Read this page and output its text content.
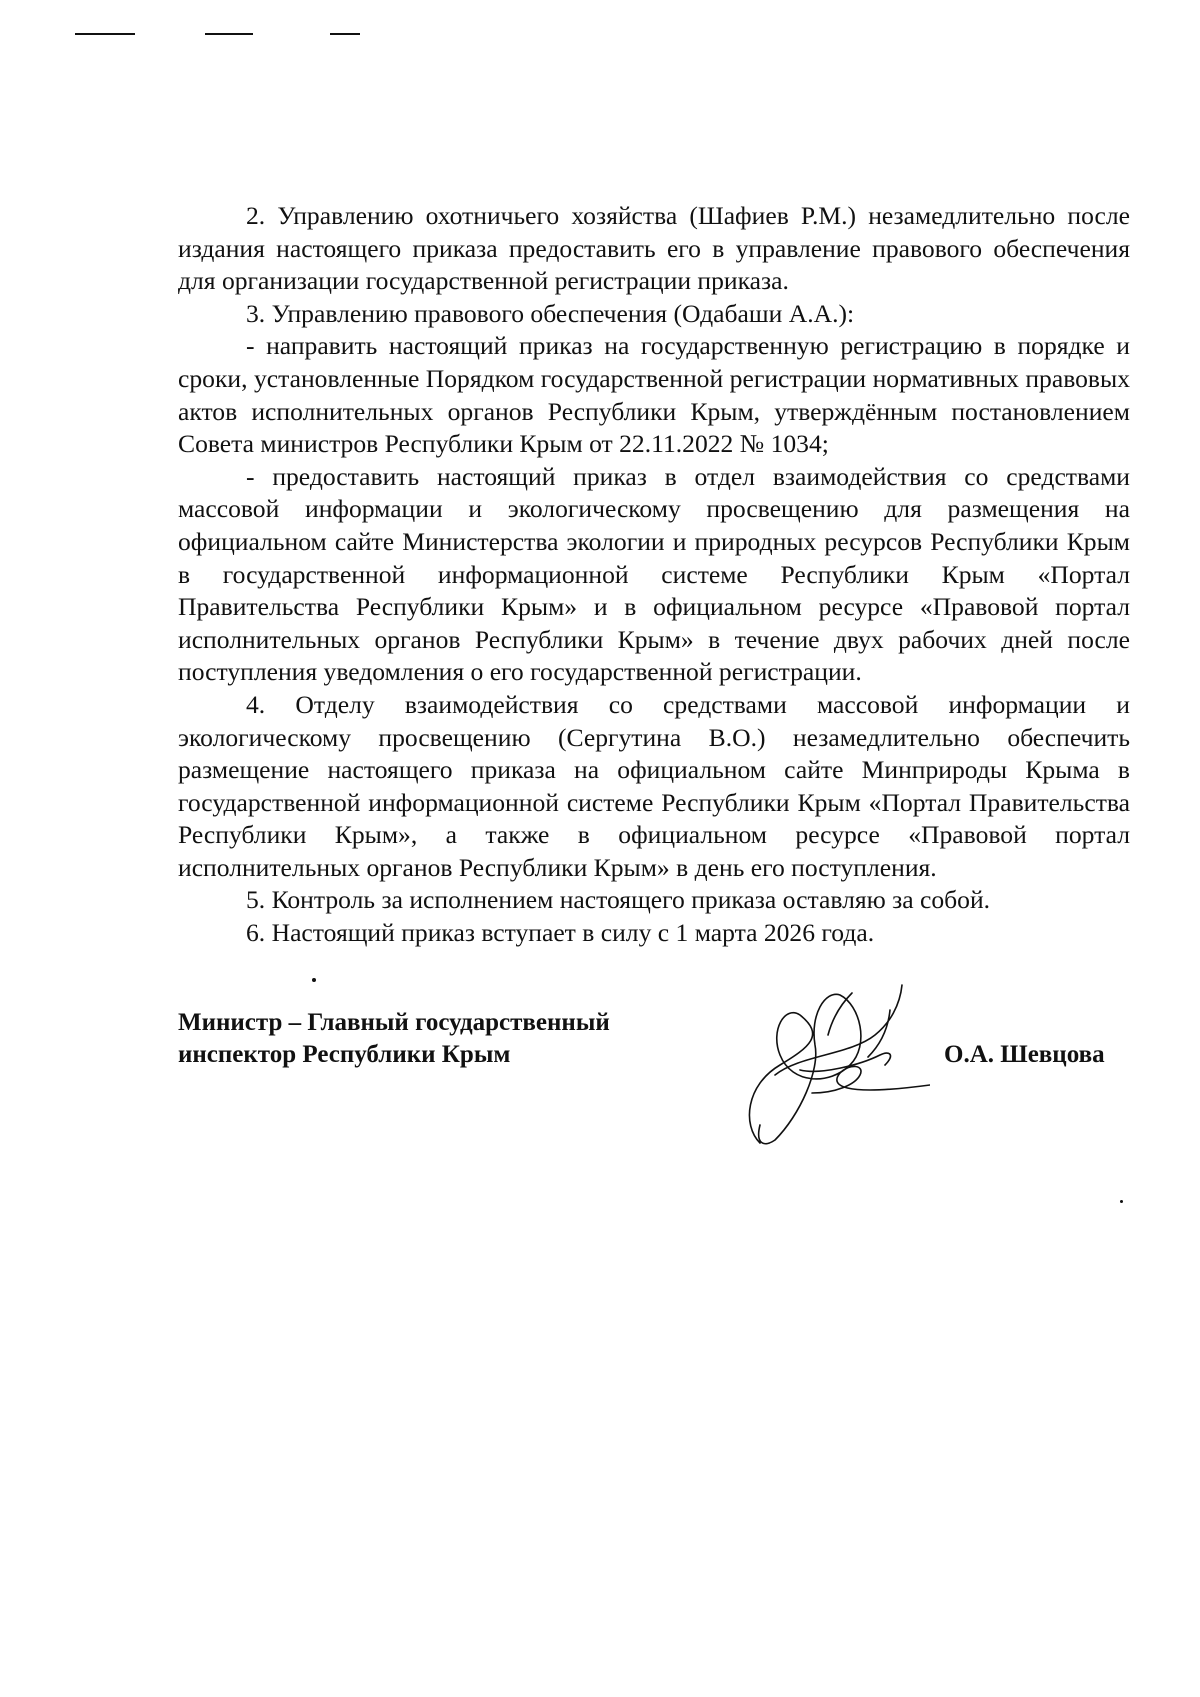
2. Управлению охотничьего хозяйства (Шафиев Р.М.) незамедлительно после издания настоящего приказа предоставить его в управление правового обеспечения для организации государственной регистрации приказа.

3. Управлению правового обеспечения (Одабаши А.А.):

- направить настоящий приказ на государственную регистрацию в порядке и сроки, установленные Порядком государственной регистрации нормативных правовых актов исполнительных органов Республики Крым, утверждённым постановлением Совета министров Республики Крым от 22.11.2022 № 1034;

- предоставить настоящий приказ в отдел взаимодействия со средствами массовой информации и экологическому просвещению для размещения на официальном сайте Министерства экологии и природных ресурсов Республики Крым в государственной информационной системе Республики Крым «Портал Правительства Республики Крым» и в официальном ресурсе «Правовой портал исполнительных органов Республики Крым» в течение двух рабочих дней после поступления уведомления о его государственной регистрации.

4. Отделу взаимодействия со средствами массовой информации и экологическому просвещению (Сергутина В.О.) незамедлительно обеспечить размещение настоящего приказа на официальном сайте Минприроды Крыма в государственной информационной системе Республики Крым «Портал Правительства Республики Крым», а также в официальном ресурсе «Правовой портал исполнительных органов Республики Крым» в день его поступления.

5. Контроль за исполнением настоящего приказа оставляю за собой.

6. Настоящий приказ вступает в силу с 1 марта 2026 года.

Министр – Главный государственный
инспектор Республики Крым	О.А. Шевцова
